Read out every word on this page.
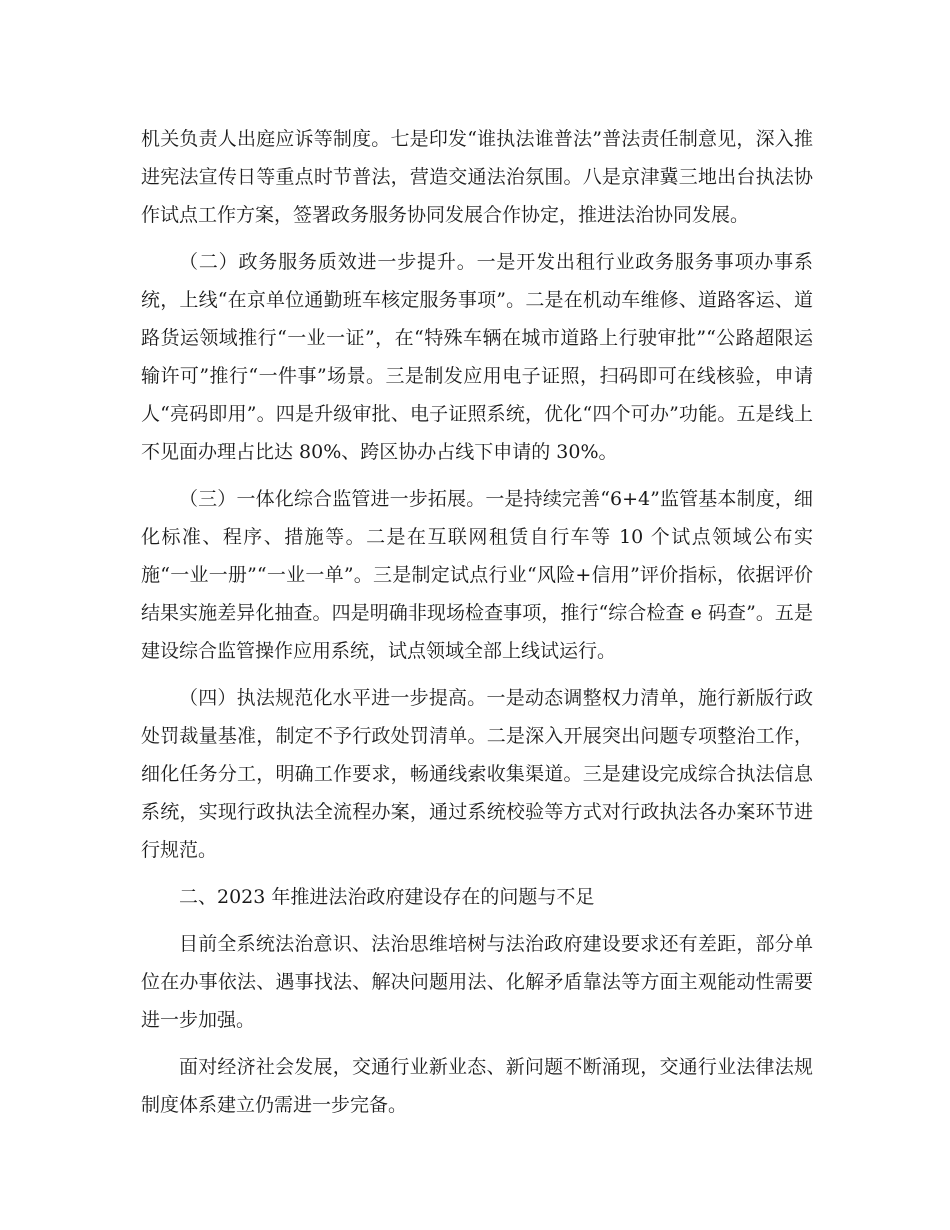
机关负责人出庭应诉等制度。七是印发“谁执法谁普法”普法责任制意见，深入推进宪法宣传日等重点时节普法，营造交通法治氛围。八是京津冀三地出台执法协作试点工作方案，签署政务服务协同发展合作协定，推进法治协同发展。

（二）政务服务质效进一步提升。一是开发出租行业政务服务事项办事系统，上线“在京单位通勤班车核定服务事项”。二是在机动车维修、道路客运、道路货运领域推行“一业一证”，在“特殊车辆在城市道路上行驶审批”“公路超限运输许可”推行“一件事”场景。三是制发应用电子证照，扫码即可在线核验，申请人“亮码即用”。四是升级审批、电子证照系统，优化“四个可办”功能。五是线上不见面办理占比达 80%、跨区协办占线下申请的 30%。

（三）一体化综合监管进一步拓展。一是持续完善“6+4”监管基本制度，细化标准、程序、措施等。二是在互联网租赁自行车等 10 个试点领域公布实施“一业一册”“一业一单”。三是制定试点行业“风险+信用”评价指标，依据评价结果实施差异化抽查。四是明确非现场检查事项，推行“综合检查 e 码查”。五是建设综合监管操作应用系统，试点领域全部上线试运行。

（四）执法规范化水平进一步提高。一是动态调整权力清单，施行新版行政处罚裁量基准，制定不予行政处罚清单。二是深入开展突出问题专项整治工作，细化任务分工，明确工作要求，畅通线索收集渠道。三是建设完成综合执法信息系统，实现行政执法全流程办案，通过系统校验等方式对行政执法各办案环节进行规范。

二、2023 年推进法治政府建设存在的问题与不足

目前全系统法治意识、法治思维培树与法治政府建设要求还有差距，部分单位在办事依法、遇事找法、解决问题用法、化解矛盾靠法等方面主观能动性需要进一步加强。

面对经济社会发展，交通行业新业态、新问题不断涌现，交通行业法律法规制度体系建立仍需进一步完备。
